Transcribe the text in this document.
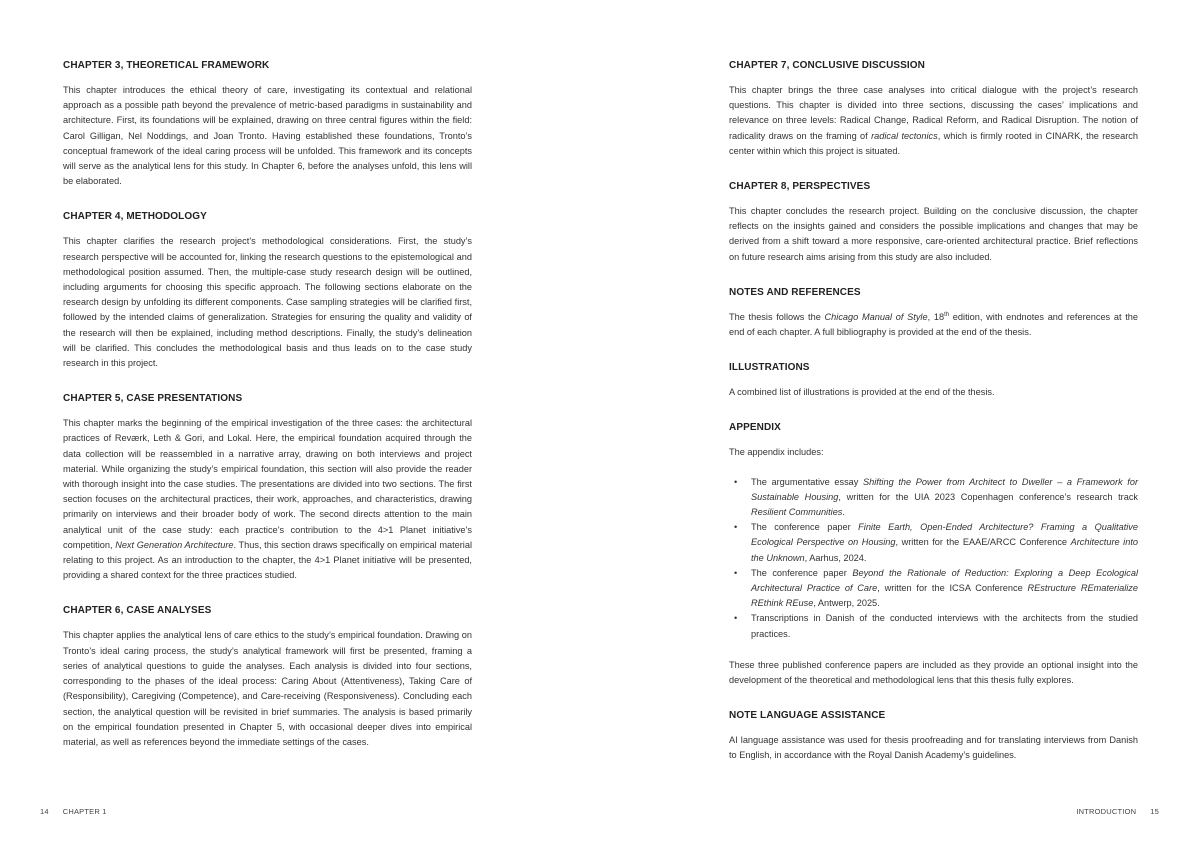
CHAPTER 3, THEORETICAL FRAMEWORK

This chapter introduces the ethical theory of care, investigating its contextual and relational approach as a possible path beyond the prevalence of metric-based paradigms in sustainability and architecture. First, its foundations will be explained, drawing on three central figures within the field: Carol Gilligan, Nel Noddings, and Joan Tronto. Having established these foundations, Tronto’s conceptual framework of the ideal caring process will be unfolded. This framework and its concepts will serve as the analytical lens for this study. In Chapter 6, before the analyses unfold, this lens will be elaborated.

CHAPTER 4, METHODOLOGY

This chapter clarifies the research project’s methodological considerations. First, the study’s research perspective will be accounted for, linking the research questions to the epistemological and methodological position assumed. Then, the multiple-case study research design will be outlined, including arguments for choosing this specific approach. The following sections elaborate on the research design by unfolding its different components. Case sampling strategies will be clarified first, followed by the intended claims of generalization. Strategies for ensuring the quality and validity of the research will then be explained, including method descriptions. Finally, the study’s delineation will be clarified. This concludes the methodological basis and thus leads on to the case study research in this project.

CHAPTER 5, CASE PRESENTATIONS

This chapter marks the beginning of the empirical investigation of the three cases: the architectural practices of Reværk, Leth & Gori, and Lokal. Here, the empirical foundation acquired through the data collection will be reassembled in a narrative array, drawing on both interviews and project material. While organizing the study’s empirical foundation, this section will also provide the reader with thorough insight into the case studies. The presentations are divided into two sections. The first section focuses on the architectural practices, their work, approaches, and characteristics, drawing primarily on interviews and their broader body of work. The second directs attention to the main analytical unit of the case study: each practice’s contribution to the 4>1 Planet initiative’s competition, Next Generation Architecture. Thus, this section draws specifically on empirical material relating to this project. As an introduction to the chapter, the 4>1 Planet initiative will be presented, providing a shared context for the three practices studied.

CHAPTER 6, CASE ANALYSES

This chapter applies the analytical lens of care ethics to the study’s empirical foundation. Drawing on Tronto’s ideal caring process, the study’s analytical framework will first be presented, framing a series of analytical questions to guide the analyses. Each analysis is divided into four sections, corresponding to the phases of the ideal process: Caring About (Attentiveness), Taking Care of (Responsibility), Caregiving (Competence), and Care-receiving (Responsiveness). Concluding each section, the analytical question will be revisited in brief summaries. The analysis is based primarily on the empirical foundation presented in Chapter 5, with occasional deeper dives into empirical material, as well as references beyond the immediate settings of the cases.

14 CHAPTER 1
CHAPTER 7, CONCLUSIVE DISCUSSION

This chapter brings the three case analyses into critical dialogue with the project’s research questions. This chapter is divided into three sections, discussing the cases’ implications and relevance on three levels: Radical Change, Radical Reform, and Radical Disruption. The notion of radicality draws on the framing of radical tectonics, which is firmly rooted in CINARK, the research center within which this project is situated.

CHAPTER 8, PERSPECTIVES

This chapter concludes the research project. Building on the conclusive discussion, the chapter reflects on the insights gained and considers the possible implications and changes that may be derived from a shift toward a more responsive, care-oriented architectural practice. Brief reflections on future research aims arising from this study are also included.

NOTES AND REFERENCES

The thesis follows the Chicago Manual of Style, 18th edition, with endnotes and references at the end of each chapter. A full bibliography is provided at the end of the thesis.

ILLUSTRATIONS

A combined list of illustrations is provided at the end of the thesis.

APPENDIX

The appendix includes:

• The argumentative essay Shifting the Power from Architect to Dweller – a Framework for Sustainable Housing, written for the UIA 2023 Copenhagen conference’s research track Resilient Communities.
• The conference paper Finite Earth, Open-Ended Architecture? Framing a Qualitative Ecological Perspective on Housing, written for the EAAE/ARCC Conference Architecture into the Unknown, Aarhus, 2024.
• The conference paper Beyond the Rationale of Reduction: Exploring a Deep Ecological Architectural Practice of Care, written for the ICSA Conference REstructure REmaterialize REthink REuse, Antwerp, 2025.
• Transcriptions in Danish of the conducted interviews with the architects from the studied practices.

These three published conference papers are included as they provide an optional insight into the development of the theoretical and methodological lens that this thesis fully explores.

NOTE LANGUAGE ASSISTANCE

AI language assistance was used for thesis proofreading and for translating interviews from Danish to English, in accordance with the Royal Danish Academy’s guidelines.

INTRODUCTION 15
